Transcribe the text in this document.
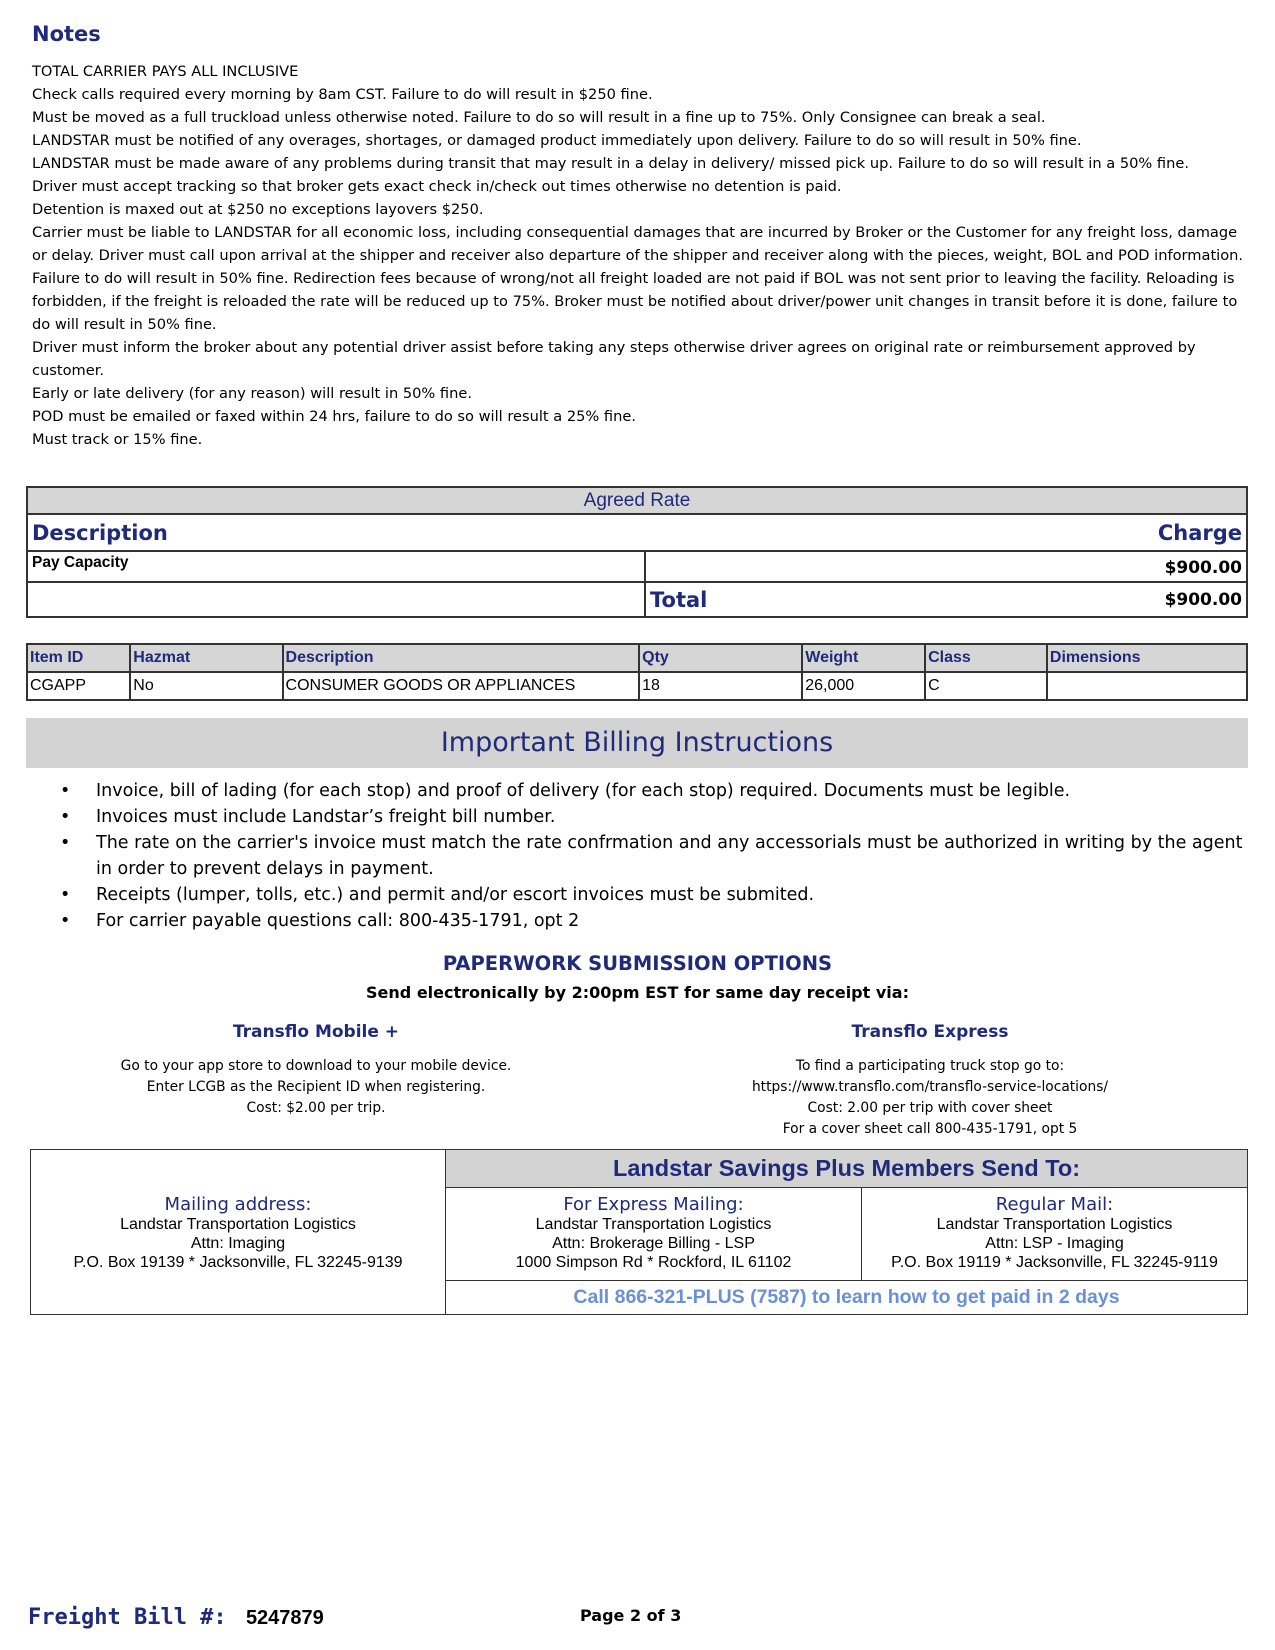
Notes
TOTAL CARRIER PAYS ALL INCLUSIVE
Check calls required every morning by 8am CST. Failure to do will result in $250 fine.
Must be moved as a full truckload unless otherwise noted. Failure to do so will result in a fine up to 75%. Only Consignee can break a seal.
LANDSTAR must be notified of any overages, shortages, or damaged product immediately upon delivery. Failure to do so will result in 50% fine.
LANDSTAR must be made aware of any problems during transit that may result in a delay in delivery/ missed pick up. Failure to do so will result in a 50% fine.
Driver must accept tracking so that broker gets exact check in/check out times otherwise no detention is paid.
Detention is maxed out at $250 no exceptions layovers $250.
Carrier must be liable to LANDSTAR for all economic loss, including consequential damages that are incurred by Broker or the Customer for any freight loss, damage or delay. Driver must call upon arrival at the shipper and receiver also departure of the shipper and receiver along with the pieces, weight, BOL and POD information. Failure to do will result in 50% fine. Redirection fees because of wrong/not all freight loaded are not paid if BOL was not sent prior to leaving the facility. Reloading is forbidden, if the freight is reloaded the rate will be reduced up to 75%. Broker must be notified about driver/power unit changes in transit before it is done, failure to do will result in 50% fine.
Driver must inform the broker about any potential driver assist before taking any steps otherwise driver agrees on original rate or reimbursement approved by customer.
Early or late delivery (for any reason) will result in 50% fine.
POD must be emailed or faxed within 24 hrs, failure to do so will result a 25% fine.
Must track or 15% fine.
Agreed Rate
Description	Charge
Pay Capacity	$900.00
Total	$900.00
Item ID	Hazmat	Description	Qty	Weight	Class	Dimensions
CGAPP	No	CONSUMER GOODS OR APPLIANCES	18	26,000	C	
Important Billing Instructions
• Invoice, bill of lading (for each stop) and proof of delivery (for each stop) required. Documents must be legible.
• Invoices must include Landstar’s freight bill number.
• The rate on the carrier's invoice must match the rate confrmation and any accessorials must be authorized in writing by the agent in order to prevent delays in payment.
• Receipts (lumper, tolls, etc.) and permit and/or escort invoices must be submited.
• For carrier payable questions call: 800-435-1791, opt 2
PAPERWORK SUBMISSION OPTIONS
Send electronically by 2:00pm EST for same day receipt via:
Transflo Mobile +
Go to your app store to download to your mobile device.
Enter LCGB as the Recipient ID when registering.
Cost: $2.00 per trip.
Transflo Express
To find a participating truck stop go to:
https://www.transflo.com/transflo-service-locations/
Cost: 2.00 per trip with cover sheet
For a cover sheet call 800-435-1791, opt 5
Mailing address:
Landstar Transportation Logistics
Attn: Imaging
P.O. Box 19139 * Jacksonville, FL 32245-9139
Landstar Savings Plus Members Send To:
For Express Mailing:
Landstar Transportation Logistics
Attn: Brokerage Billing - LSP
1000 Simpson Rd * Rockford, IL 61102
Regular Mail:
Landstar Transportation Logistics
Attn: LSP - Imaging
P.O. Box 19119 * Jacksonville, FL 32245-9119
Call 866-321-PLUS (7587) to learn how to get paid in 2 days
Freight Bill #: 5247879	Page 2 of 3
